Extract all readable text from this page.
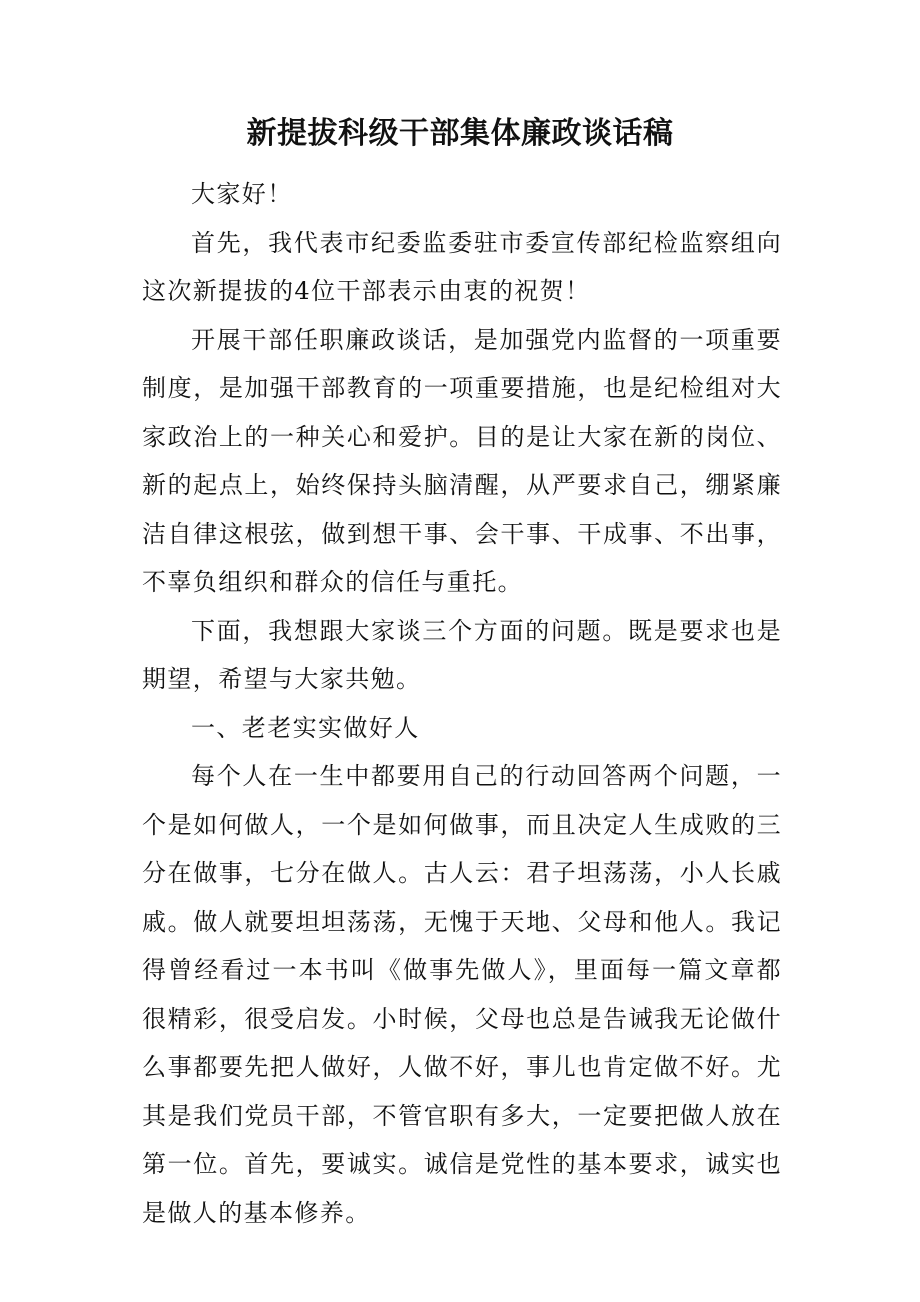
新提拔科级干部集体廉政谈话稿

大家好！

首先，我代表市纪委监委驻市委宣传部纪检监察组向这次新提拔的4位干部表示由衷的祝贺！

开展干部任职廉政谈话，是加强党内监督的一项重要制度，是加强干部教育的一项重要措施，也是纪检组对大家政治上的一种关心和爱护。目的是让大家在新的岗位、新的起点上，始终保持头脑清醒，从严要求自己，绷紧廉洁自律这根弦，做到想干事、会干事、干成事、不出事，不辜负组织和群众的信任与重托。

下面，我想跟大家谈三个方面的问题。既是要求也是期望，希望与大家共勉。

一、老老实实做好人

每个人在一生中都要用自己的行动回答两个问题，一个是如何做人，一个是如何做事，而且决定人生成败的三分在做事，七分在做人。古人云：君子坦荡荡，小人长戚戚。做人就要坦坦荡荡，无愧于天地、父母和他人。我记得曾经看过一本书叫《做事先做人》，里面每一篇文章都很精彩，很受启发。小时候，父母也总是告诫我无论做什么事都要先把人做好，人做不好，事儿也肯定做不好。尤其是我们党员干部，不管官职有多大，一定要把做人放在第一位。首先，要诚实。诚信是党性的基本要求，诚实也是做人的基本修养。
